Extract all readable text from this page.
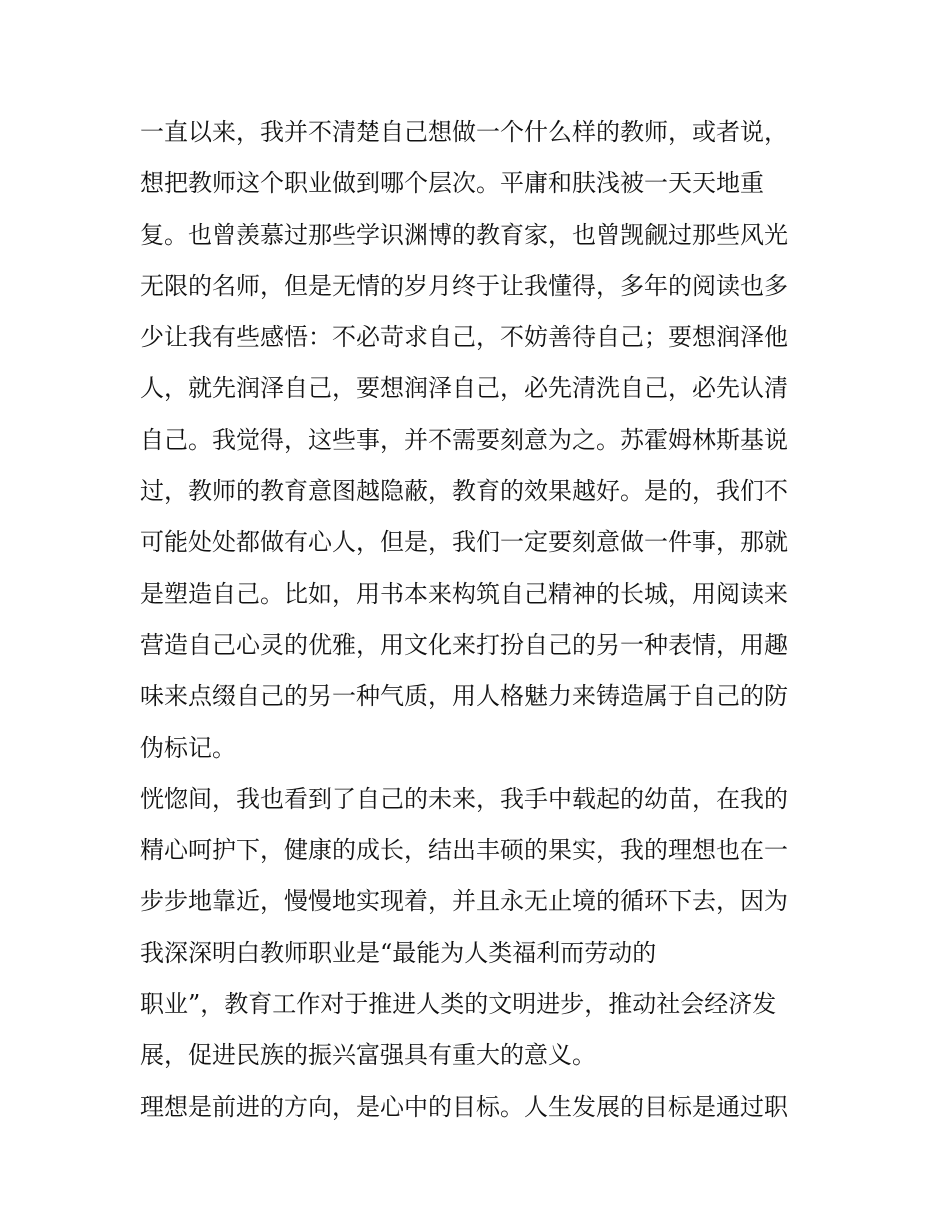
一直以来，我并不清楚自己想做一个什么样的教师，或者说，
想把教师这个职业做到哪个层次。平庸和肤浅被一天天地重
复。也曾羡慕过那些学识渊博的教育家，也曾觊觎过那些风光
无限的名师，但是无情的岁月终于让我懂得，多年的阅读也多
少让我有些感悟：不必苛求自己，不妨善待自己；要想润泽他
人，就先润泽自己，要想润泽自己，必先清洗自己，必先认清
自己。我觉得，这些事，并不需要刻意为之。苏霍姆林斯基说
过，教师的教育意图越隐蔽，教育的效果越好。是的，我们不
可能处处都做有心人，但是，我们一定要刻意做一件事，那就
是塑造自己。比如，用书本来构筑自己精神的长城，用阅读来
营造自己心灵的优雅，用文化来打扮自己的另一种表情，用趣
味来点缀自己的另一种气质，用人格魅力来铸造属于自己的防
伪标记。
恍惚间，我也看到了自己的未来，我手中载起的幼苗，在我的
精心呵护下，健康的成长，结出丰硕的果实，我的理想也在一
步步地靠近，慢慢地实现着，并且永无止境的循环下去，因为
我深深明白教师职业是“最能为人类福利而劳动的
职业”，教育工作对于推进人类的文明进步，推动社会经济发
展，促进民族的振兴富强具有重大的意义。
理想是前进的方向，是心中的目标。人生发展的目标是通过职
